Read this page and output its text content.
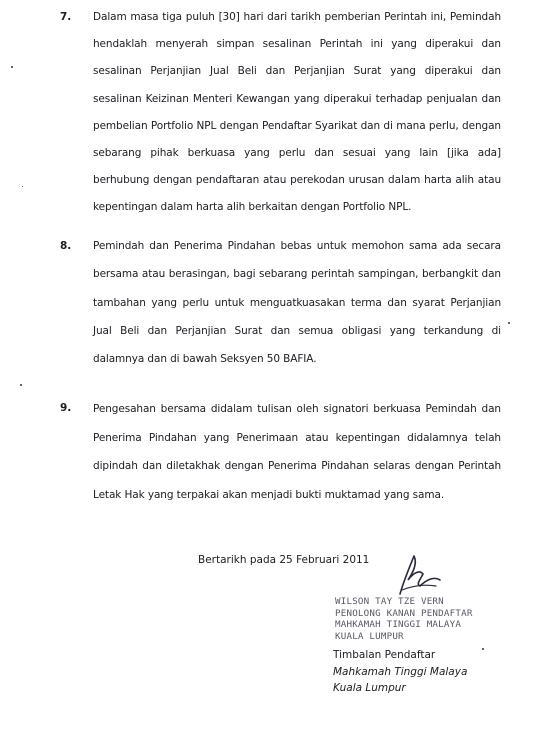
7. Dalam masa tiga puluh [30] hari dari tarikh pemberian Perintah ini, Pemindah hendaklah menyerah simpan sesalinan Perintah ini yang diperakui dan sesalinan Perjanjian Jual Beli dan Perjanjian Surat yang diperakui dan sesalinan Keizinan Menteri Kewangan yang diperakui terhadap penjualan dan pembelian Portfolio NPL dengan Pendaftar Syarikat dan di mana perlu, dengan sebarang pihak berkuasa yang perlu dan sesuai yang lain [jika ada] berhubung dengan pendaftaran atau perekodan urusan dalam harta alih atau kepentingan dalam harta alih berkaitan dengan Portfolio NPL.
8. Pemindah dan Penerima Pindahan bebas untuk memohon sama ada secara bersama atau berasingan, bagi sebarang perintah sampingan, berbangkit dan tambahan yang perlu untuk menguatkuasakan terma dan syarat Perjanjian Jual Beli dan Perjanjian Surat dan semua obligasi yang terkandung di dalamnya dan di bawah Seksyen 50 BAFIA.
9. Pengesahan bersama didalam tulisan oleh signatori berkuasa Pemindah dan Penerima Pindahan yang Penerimaan atau kepentingan didalamnya telah dipindah dan diletakhak dengan Penerima Pindahan selaras dengan Perintah Letak Hak yang terpakai akan menjadi bukti muktamad yang sama.
Bertarikh pada 25 Februari 2011
WILSON TAY TZE VERN
PENOLONG KANAN PENDAFTAR
MAHKAMAH TINGGI MALAYA
KUALA LUMPUR
Timbalan Pendaftar
Mahkamah Tinggi Malaya
Kuala Lumpur
